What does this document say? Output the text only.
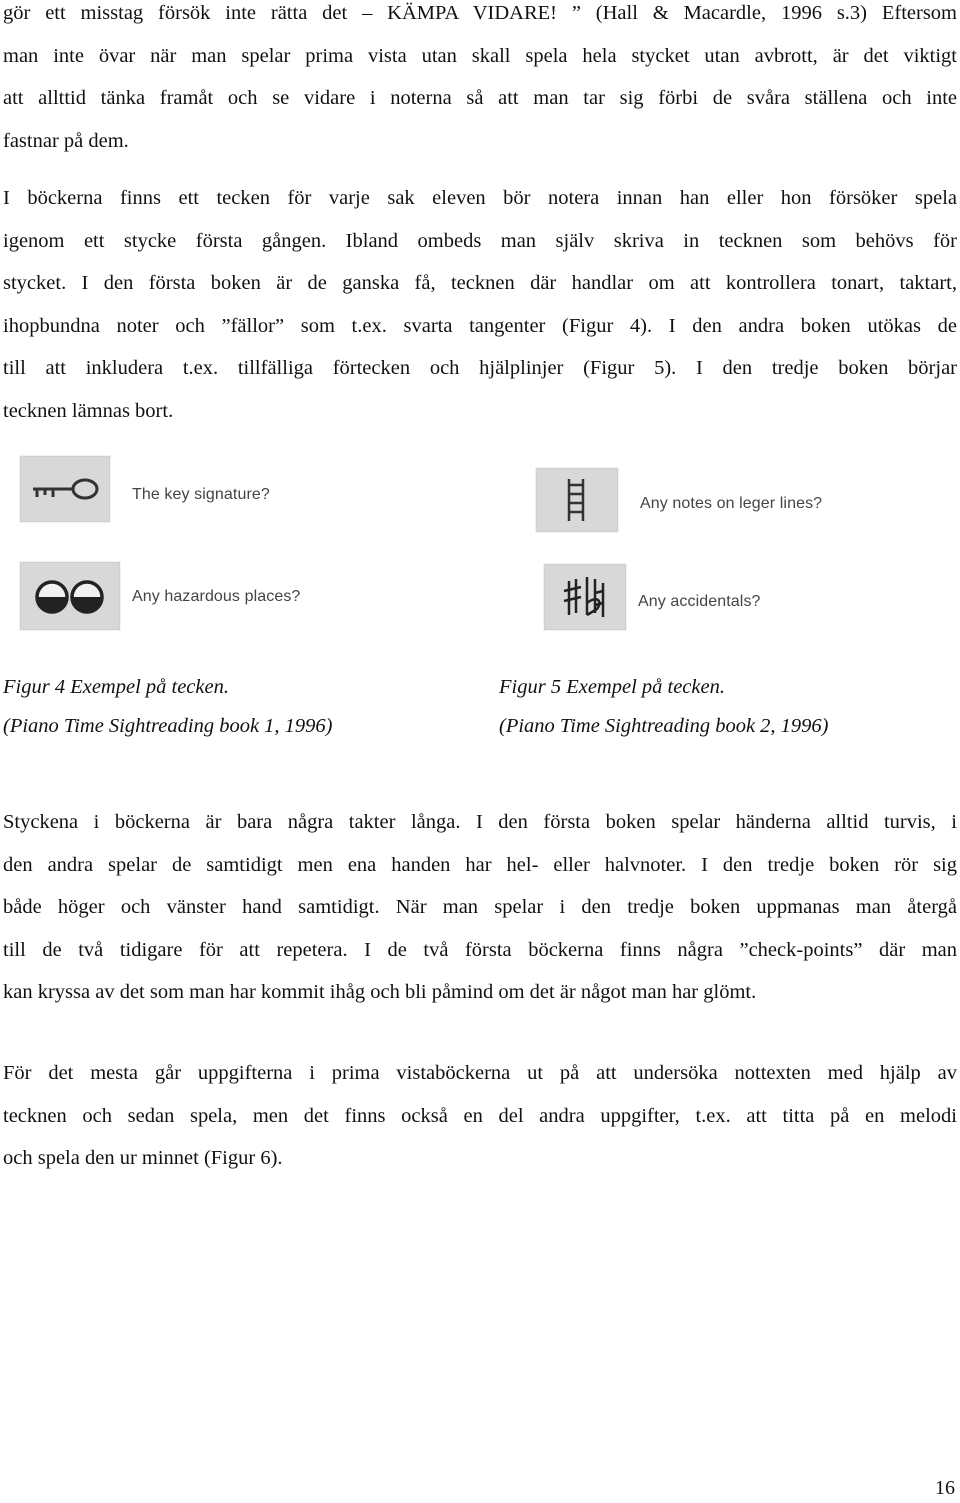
gör ett misstag försök inte rätta det – KÄMPA VIDARE! ” (Hall & Macardle, 1996 s.3) Eftersom
man inte övar när man spelar prima vista utan skall spela hela stycket utan avbrott, är det viktigt
att allttid tänka framåt och se vidare i noterna så att man tar sig förbi de svåra ställena och inte
fastnar på dem.
I böckerna finns ett tecken för varje sak eleven bör notera innan han eller hon försöker spela
igenom ett stycke första gången. Ibland ombeds man själv skriva in tecknen som behövs för
stycket. I den första boken är de ganska få, tecknen där handlar om att kontrollera tonart, taktart,
ihopbundna noter och ”fällor” som t.ex. svarta tangenter (Figur 4). I den andra boken utökas de
till att inkludera t.ex. tillfälliga förtecken och hjälplinjer (Figur 5). I den tredje boken börjar
tecknen lämnas bort.
The key signature?
Any hazardous places?
Any notes on leger lines?
Any accidentals?
Figur 4 Exempel på tecken.
(Piano Time Sightreading book 1, 1996)
Figur 5 Exempel på tecken.
(Piano Time Sightreading book 2, 1996)
Styckena i böckerna är bara några takter långa. I den första boken spelar händerna alltid turvis, i
den andra spelar de samtidigt men ena handen har hel- eller halvnoter. I den tredje boken rör sig
både höger och vänster hand samtidigt. När man spelar i den tredje boken uppmanas man återgå
till de två tidigare för att repetera. I de två första böckerna finns några ”check-points” där man
kan kryssa av det som man har kommit ihåg och bli påmind om det är något man har glömt.
För det mesta går uppgifterna i prima vistaböckerna ut på att undersöka nottexten med hjälp av
tecknen och sedan spela, men det finns också en del andra uppgifter, t.ex. att titta på en melodi
och spela den ur minnet (Figur 6).
16
